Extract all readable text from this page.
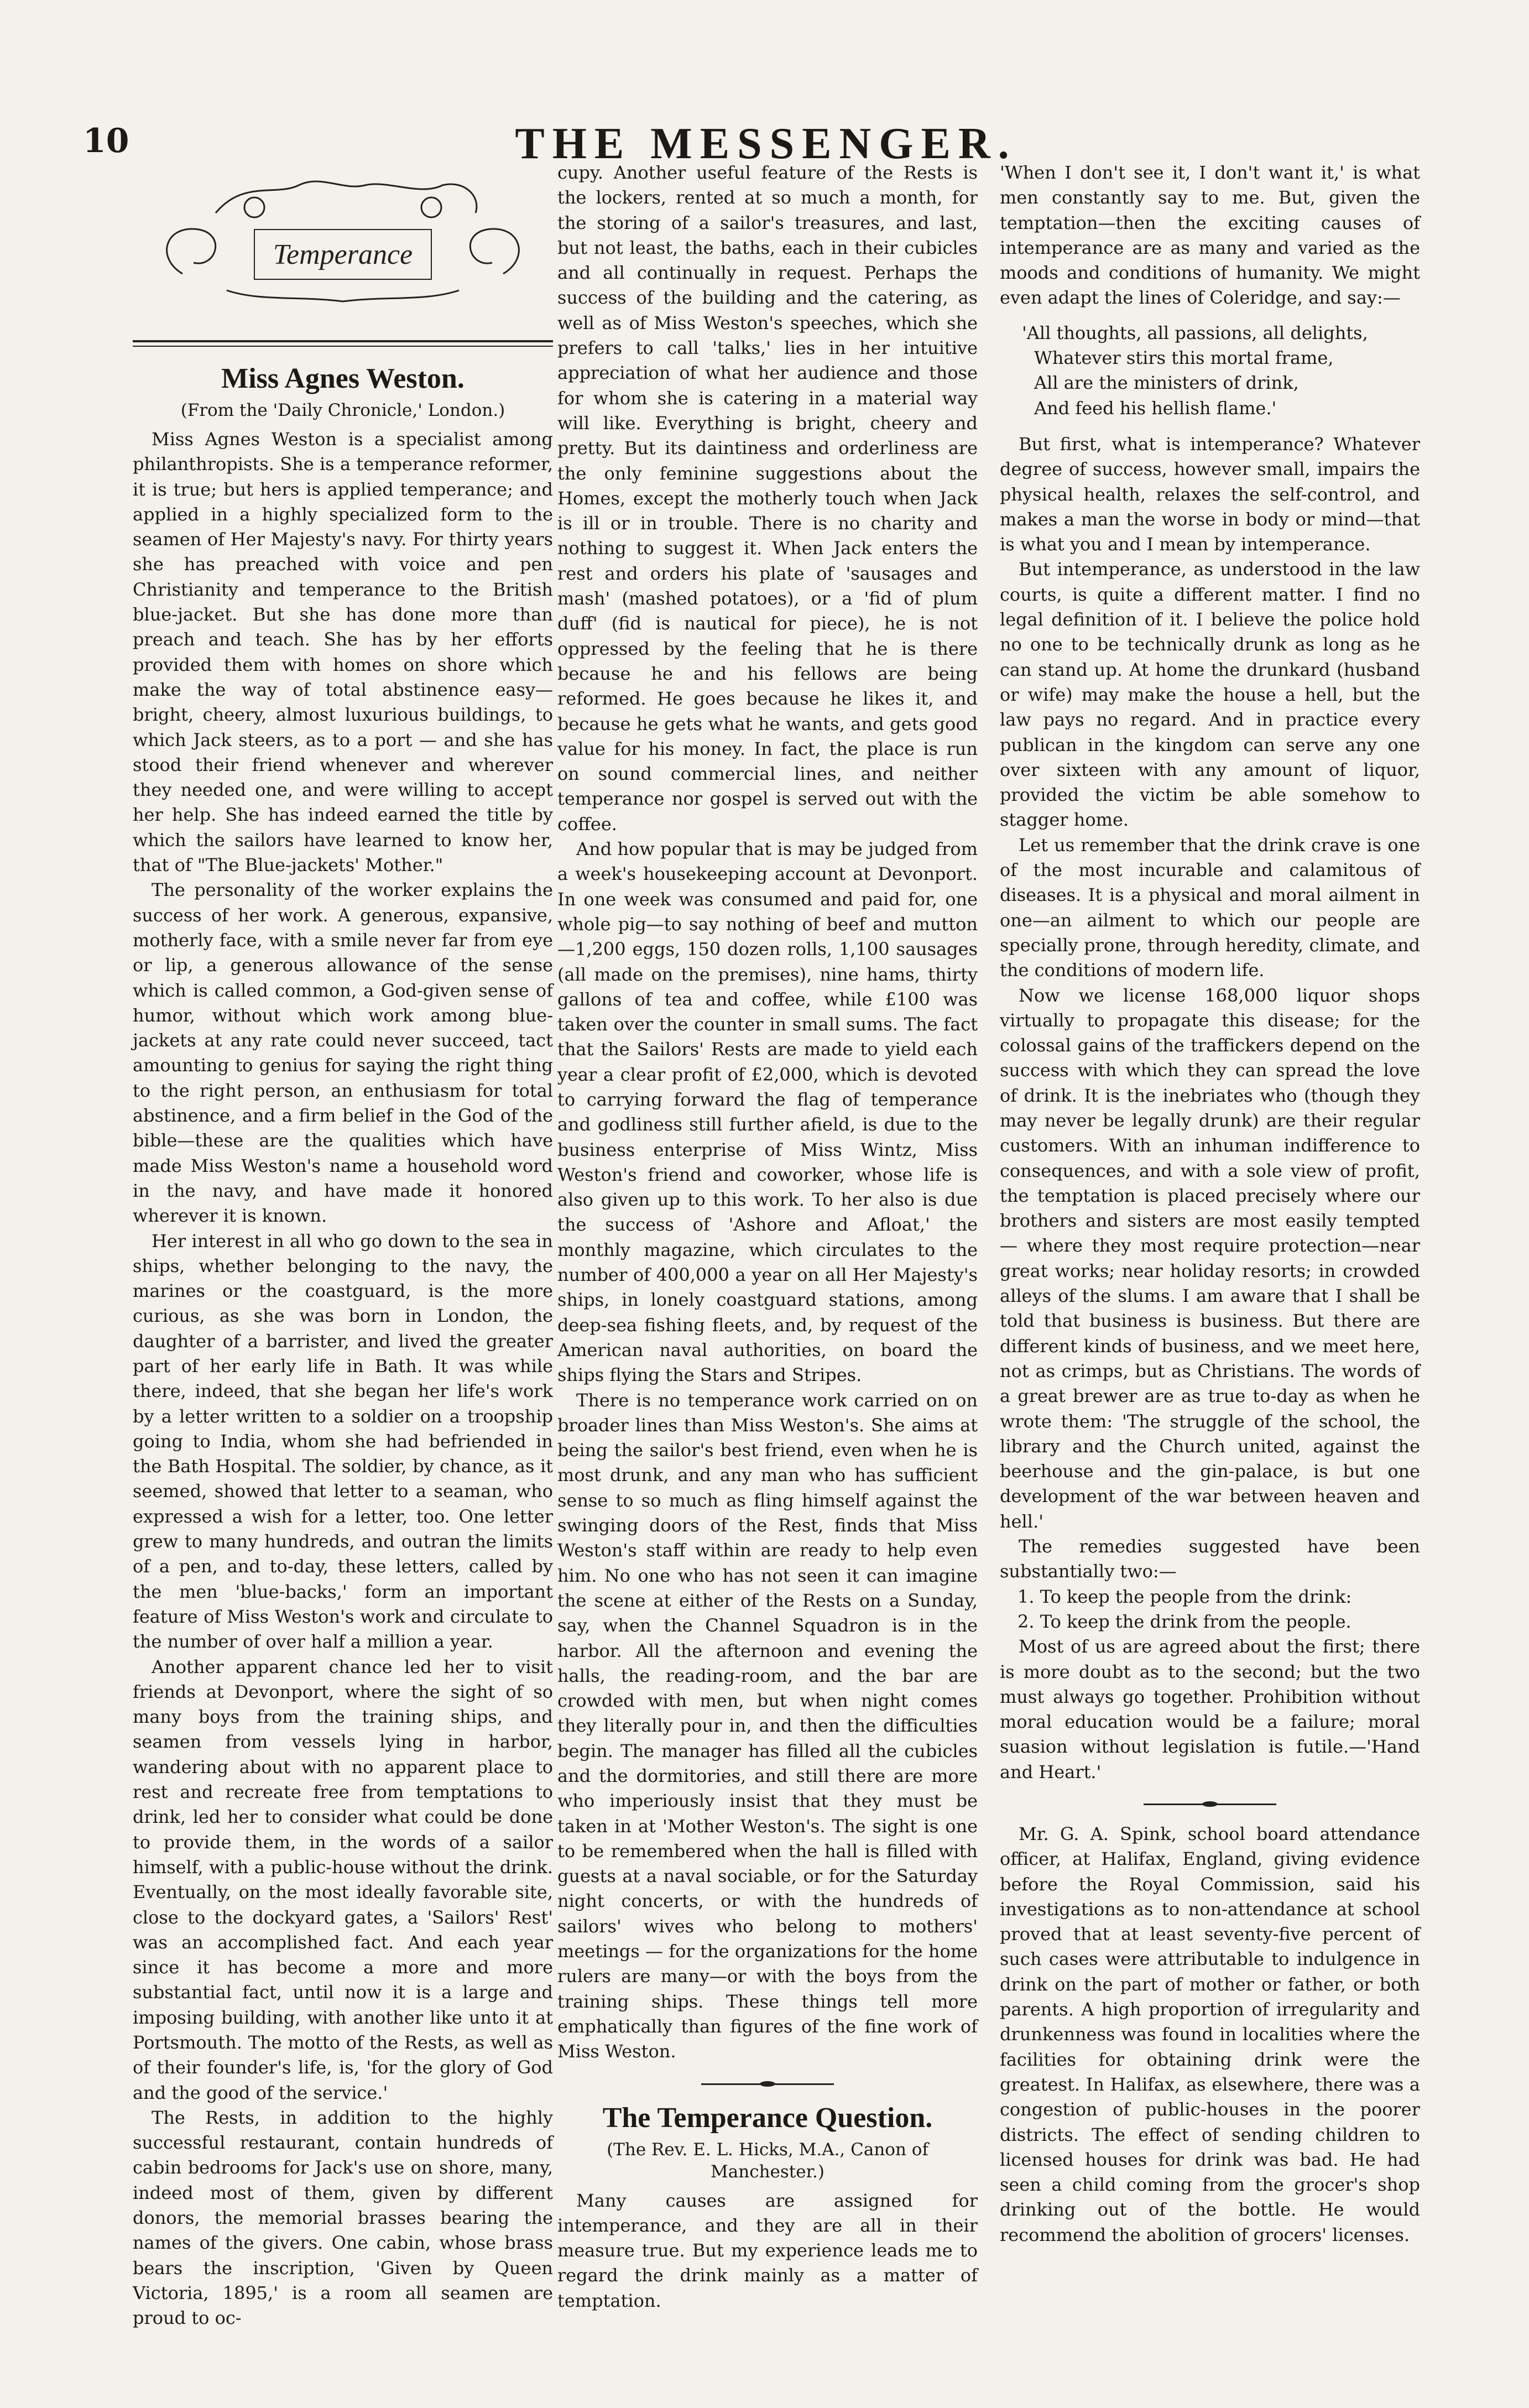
10	THE MESSENGER.
Temperance
Miss Agnes Weston.
(From the 'Daily Chronicle,' London.)

Miss Agnes Weston is a specialist among philanthropists. She is a temperance reformer, it is true; but hers is applied temperance; and applied in a highly specialized form to the seamen of Her Majesty's navy. For thirty years she has preached with voice and pen Christianity and temperance to the British blue-jacket. But she has done more than preach and teach. She has by her efforts provided them with homes on shore which make the way of total abstinence easy—bright, cheery, almost luxurious buildings, to which Jack steers, as to a port — and she has stood their friend whenever and wherever they needed one, and were willing to accept her help. She has indeed earned the title by which the sailors have learned to know her, that of "The Blue-jackets' Mother."

The personality of the worker explains the success of her work. A generous, expansive, motherly face, with a smile never far from eye or lip, a generous allowance of the sense which is called common, a God-given sense of humor, without which work among blue-jackets at any rate could never succeed, tact amounting to genius for saying the right thing to the right person, an enthusiasm for total abstinence, and a firm belief in the God of the bible—these are the qualities which have made Miss Weston's name a household word in the navy, and have made it honored wherever it is known.

Her interest in all who go down to the sea in ships, whether belonging to the navy, the marines or the coastguard, is the more curious, as she was born in London, the daughter of a barrister, and lived the greater part of her early life in Bath. It was while there, indeed, that she began her life's work by a letter written to a soldier on a troopship going to India, whom she had befriended in the Bath Hospital. The soldier, by chance, as it seemed, showed that letter to a seaman, who expressed a wish for a letter, too. One letter grew to many hundreds, and outran the limits of a pen, and to-day, these letters, called by the men 'blue-backs,' form an important feature of Miss Weston's work and circulate to the number of over half a million a year.

Another apparent chance led her to visit friends at Devonport, where the sight of so many boys from the training ships, and seamen from vessels lying in harbor, wandering about with no apparent place to rest and recreate free from temptations to drink, led her to consider what could be done to provide them, in the words of a sailor himself, with a public-house without the drink. Eventually, on the most ideally favorable site, close to the dockyard gates, a 'Sailors' Rest' was an accomplished fact. And each year since it has become a more and more substantial fact, until now it is a large and imposing building, with another like unto it at Portsmouth. The motto of the Rests, as well as of their founder's life, is, 'for the glory of God and the good of the service.'

The Rests, in addition to the highly successful restaurant, contain hundreds of cabin bedrooms for Jack's use on shore, many, indeed most of them, given by different donors, the memorial brasses bearing the names of the givers. One cabin, whose brass bears the inscription, 'Given by Queen Victoria, 1895,' is a room all seamen are proud to oc-

cupy. Another useful feature of the Rests is the lockers, rented at so much a month, for the storing of a sailor's treasures, and last, but not least, the baths, each in their cubicles and all continually in request. Perhaps the success of the building and the catering, as well as of Miss Weston's speeches, which she prefers to call 'talks,' lies in her intuitive appreciation of what her audience and those for whom she is catering in a material way will like. Everything is bright, cheery and pretty. But its daintiness and orderliness are the only feminine suggestions about the Homes, except the motherly touch when Jack is ill or in trouble. There is no charity and nothing to suggest it. When Jack enters the rest and orders his plate of 'sausages and mash' (mashed potatoes), or a 'fid of plum duff' (fid is nautical for piece), he is not oppressed by the feeling that he is there because he and his fellows are being reformed. He goes because he likes it, and because he gets what he wants, and gets good value for his money. In fact, the place is run on sound commercial lines, and neither temperance nor gospel is served out with the coffee.

And how popular that is may be judged from a week's housekeeping account at Devonport. In one week was consumed and paid for, one whole pig—to say nothing of beef and mutton—1,200 eggs, 150 dozen rolls, 1,100 sausages (all made on the premises), nine hams, thirty gallons of tea and coffee, while £100 was taken over the counter in small sums. The fact that the Sailors' Rests are made to yield each year a clear profit of £2,000, which is devoted to carrying forward the flag of temperance and godliness still further afield, is due to the business enterprise of Miss Wintz, Miss Weston's friend and coworker, whose life is also given up to this work. To her also is due the success of 'Ashore and Afloat,' the monthly magazine, which circulates to the number of 400,000 a year on all Her Majesty's ships, in lonely coastguard stations, among deep-sea fishing fleets, and, by request of the American naval authorities, on board the ships flying the Stars and Stripes.

There is no temperance work carried on on broader lines than Miss Weston's. She aims at being the sailor's best friend, even when he is most drunk, and any man who has sufficient sense to so much as fling himself against the swinging doors of the Rest, finds that Miss Weston's staff within are ready to help even him. No one who has not seen it can imagine the scene at either of the Rests on a Sunday, say, when the Channel Squadron is in the harbor. All the afternoon and evening the halls, the reading-room, and the bar are crowded with men, but when night comes they literally pour in, and then the difficulties begin. The manager has filled all the cubicles and the dormitories, and still there are more who imperiously insist that they must be taken in at 'Mother Weston's. The sight is one to be remembered when the hall is filled with guests at a naval sociable, or for the Saturday night concerts, or with the hundreds of sailors' wives who belong to mothers' meetings — for the organizations for the home rulers are many—or with the boys from the training ships. These things tell more emphatically than figures of the fine work of Miss Weston.

The Temperance Question.
(The Rev. E. L. Hicks, M.A., Canon of Manchester.)

Many causes are assigned for intemperance, and they are all in their measure true. But my experience leads me to regard the drink mainly as a matter of temptation.

'When I don't see it, I don't want it,' is what men constantly say to me. But, given the temptation—then the exciting causes of intemperance are as many and varied as the moods and conditions of humanity. We might even adapt the lines of Coleridge, and say:—

'All thoughts, all passions, all delights,
Whatever stirs this mortal frame,
All are the ministers of drink,
And feed his hellish flame.'

But first, what is intemperance? Whatever degree of success, however small, impairs the physical health, relaxes the self-control, and makes a man the worse in body or mind—that is what you and I mean by intemperance.

But intemperance, as understood in the law courts, is quite a different matter. I find no legal definition of it. I believe the police hold no one to be technically drunk as long as he can stand up. At home the drunkard (husband or wife) may make the house a hell, but the law pays no regard. And in practice every publican in the kingdom can serve any one over sixteen with any amount of liquor, provided the victim be able somehow to stagger home.

Let us remember that the drink crave is one of the most incurable and calamitous of diseases. It is a physical and moral ailment in one—an ailment to which our people are specially prone, through heredity, climate, and the conditions of modern life.

Now we license 168,000 liquor shops virtually to propagate this disease; for the colossal gains of the traffickers depend on the success with which they can spread the love of drink. It is the inebriates who (though they may never be legally drunk) are their regular customers. With an inhuman indifference to consequences, and with a sole view of profit, the temptation is placed precisely where our brothers and sisters are most easily tempted — where they most require protection—near great works; near holiday resorts; in crowded alleys of the slums. I am aware that I shall be told that business is business. But there are different kinds of business, and we meet here, not as crimps, but as Christians. The words of a great brewer are as true to-day as when he wrote them: 'The struggle of the school, the library and the Church united, against the beerhouse and the gin-palace, is but one development of the war between heaven and hell.'

The remedies suggested have been substantially two:—

1. To keep the people from the drink:
2. To keep the drink from the people.

Most of us are agreed about the first; there is more doubt as to the second; but the two must always go together. Prohibition without moral education would be a failure; moral suasion without legislation is futile.—'Hand and Heart.'

Mr. G. A. Spink, school board attendance officer, at Halifax, England, giving evidence before the Royal Commission, said his investigations as to non-attendance at school proved that at least seventy-five percent of such cases were attributable to indulgence in drink on the part of mother or father, or both parents. A high proportion of irregularity and drunkenness was found in localities where the facilities for obtaining drink were the greatest. In Halifax, as elsewhere, there was a congestion of public-houses in the poorer districts. The effect of sending children to licensed houses for drink was bad. He had seen a child coming from the grocer's shop drinking out of the bottle. He would recommend the abolition of grocers' licenses.
